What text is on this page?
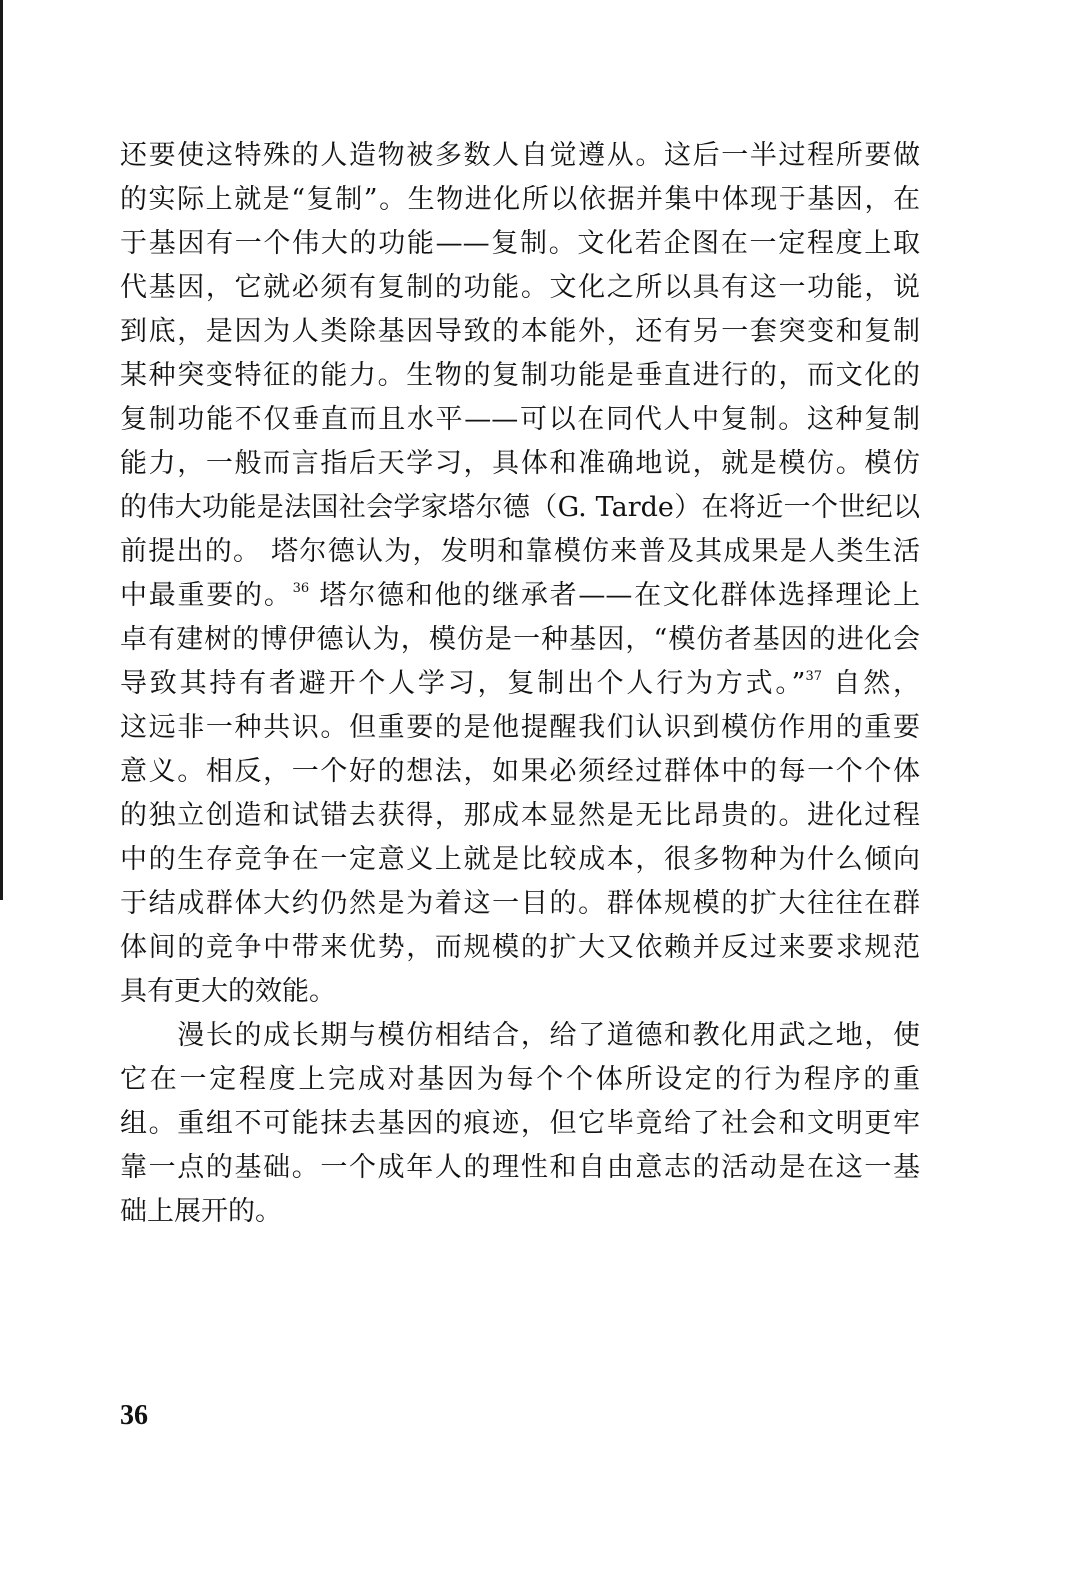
还要使这特殊的人造物被多数人自觉遵从。这后一半过程所要做
的实际上就是“复制”。生物进化所以依据并集中体现于基因，在
于基因有一个伟大的功能——复制。文化若企图在一定程度上取
代基因，它就必须有复制的功能。文化之所以具有这一功能，说
到底，是因为人类除基因导致的本能外，还有另一套突变和复制
某种突变特征的能力。生物的复制功能是垂直进行的，而文化的
复制功能不仅垂直而且水平——可以在同代人中复制。这种复制
能力，一般而言指后天学习，具体和准确地说，就是模仿。模仿
的伟大功能是法国社会学家塔尔德（G. Tarde）在将近一个世纪以
前提出的。 塔尔德认为，发明和靠模仿来普及其成果是人类生活
中最重要的。$^{36}$ 塔尔德和他的继承者——在文化群体选择理论上
卓有建树的博伊德认为，模仿是一种基因，“模仿者基因的进化会
导致其持有者避开个人学习，复制出个人行为方式。”$^{37}$ 自然，
这远非一种共识。但重要的是他提醒我们认识到模仿作用的重要
意义。相反，一个好的想法，如果必须经过群体中的每一个个体
的独立创造和试错去获得，那成本显然是无比昂贵的。进化过程
中的生存竞争在一定意义上就是比较成本，很多物种为什么倾向
于结成群体大约仍然是为着这一目的。群体规模的扩大往往在群
体间的竞争中带来优势，而规模的扩大又依赖并反过来要求规范
具有更大的效能。
　　漫长的成长期与模仿相结合，给了道德和教化用武之地，使
它在一定程度上完成对基因为每个个体所设定的行为程序的重
组。重组不可能抹去基因的痕迹，但它毕竟给了社会和文明更牢
靠一点的基础。一个成年人的理性和自由意志的活动是在这一基
础上展开的。
36
